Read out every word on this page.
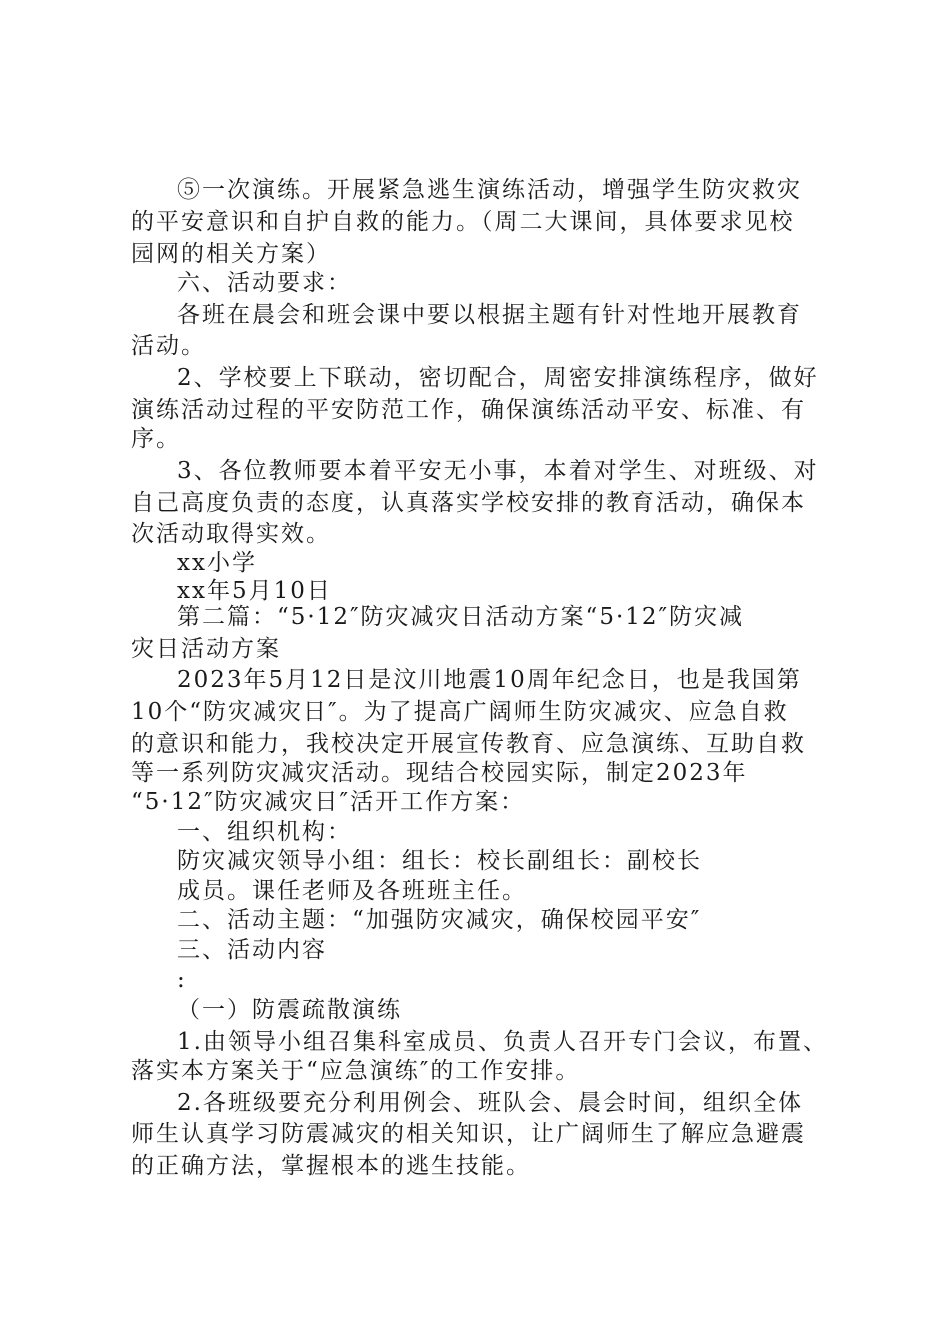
⑤一次演练。开展紧急逃生演练活动，增强学生防灾救灾
的平安意识和自护自救的能力。（周二大课间，具体要求见校
园网的相关方案）
六、活动要求：
各班在晨会和班会课中要以根据主题有针对性地开展教育
活动。
2、学校要上下联动，密切配合，周密安排演练程序，做好
演练活动过程的平安防范工作，确保演练活动平安、标准、有
序。
3、各位教师要本着平安无小事，本着对学生、对班级、对
自己高度负责的态度，认真落实学校安排的教育活动，确保本
次活动取得实效。
xx小学
xx年5月10日
第二篇：“5·12″防灾减灾日活动方案“5·12″防灾减
灾日活动方案
2023年5月12日是汶川地震10周年纪念日，也是我国第
10个“防灾减灾日″。为了提高广阔师生防灾减灾、应急自救
的意识和能力，我校决定开展宣传教育、应急演练、互助自救
等一系列防灾减灾活动。现结合校园实际，制定2023年
“5·12″防灾减灾日″活开工作方案：
一、组织机构：
防灾减灾领导小组：组长：校长副组长：副校长
成员。课任老师及各班班主任。
二、活动主题：“加强防灾减灾，确保校园平安″
三、活动内容
:
（一）防震疏散演练
1.由领导小组召集科室成员、负责人召开专门会议，布置、
落实本方案关于“应急演练″的工作安排。
2.各班级要充分利用例会、班队会、晨会时间，组织全体
师生认真学习防震减灾的相关知识，让广阔师生了解应急避震
的正确方法，掌握根本的逃生技能。
